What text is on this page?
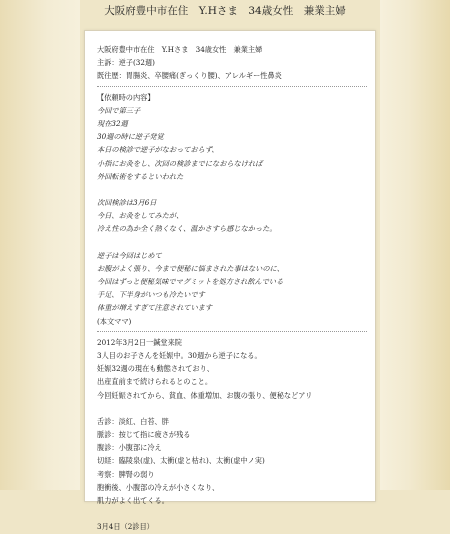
大阪府豊中市在住　Y.Hさま　34歳女性　兼業主婦
大阪府豊中市在住　Y.Hさま　34歳女性　兼業主婦
主訴：逆子(32週)
既往歴：胃腸炎、卒腰痛(ぎっくり腰)、アレルギー性鼻炎
【依頼時の内容】
今回で第三子
現在32週
30週の時に逆子発覚
本日の検診で逆子がなおっておらず、
小指にお灸をし、次回の検診までになおらなければ
外回転術をするといわれた
次回検診は3月6日
今日、お灸をしてみたが、
冷え性の為か全く熱くなく、温かさすら感じなかった。
逆子は今回はじめて
お腹がよく張り、今まで便秘に悩まされた事はないのに、
今回はずっと便秘気味でマグミットを処方され飲んでいる
手足、下半身がいつも冷たいです
体重が増えすぎて注意されています
(本文ママ)
2012年3月2日一鍼堂来院
3人目のお子さんを妊娠中。30週から逆子になる。
妊娠32週の現在も動態されており、
出産直前まで続けられるとのこと。
今回妊娠されてから、貧血、体重増加、お腹の張り、便秘などアリ
舌診：淡紅、白苔、胖
脈診：按じて指に疲さが残る
腹診：小腹部に冷え
切経：臨陵泉(虚)、太衝(虚と枯れ)、太衝(虚中ノ実)
考察：脾腎の弱り
胞衝後、小腹部の冷えが小さくなり、
肌力がよく出てくる。
3月4日（2診目）
